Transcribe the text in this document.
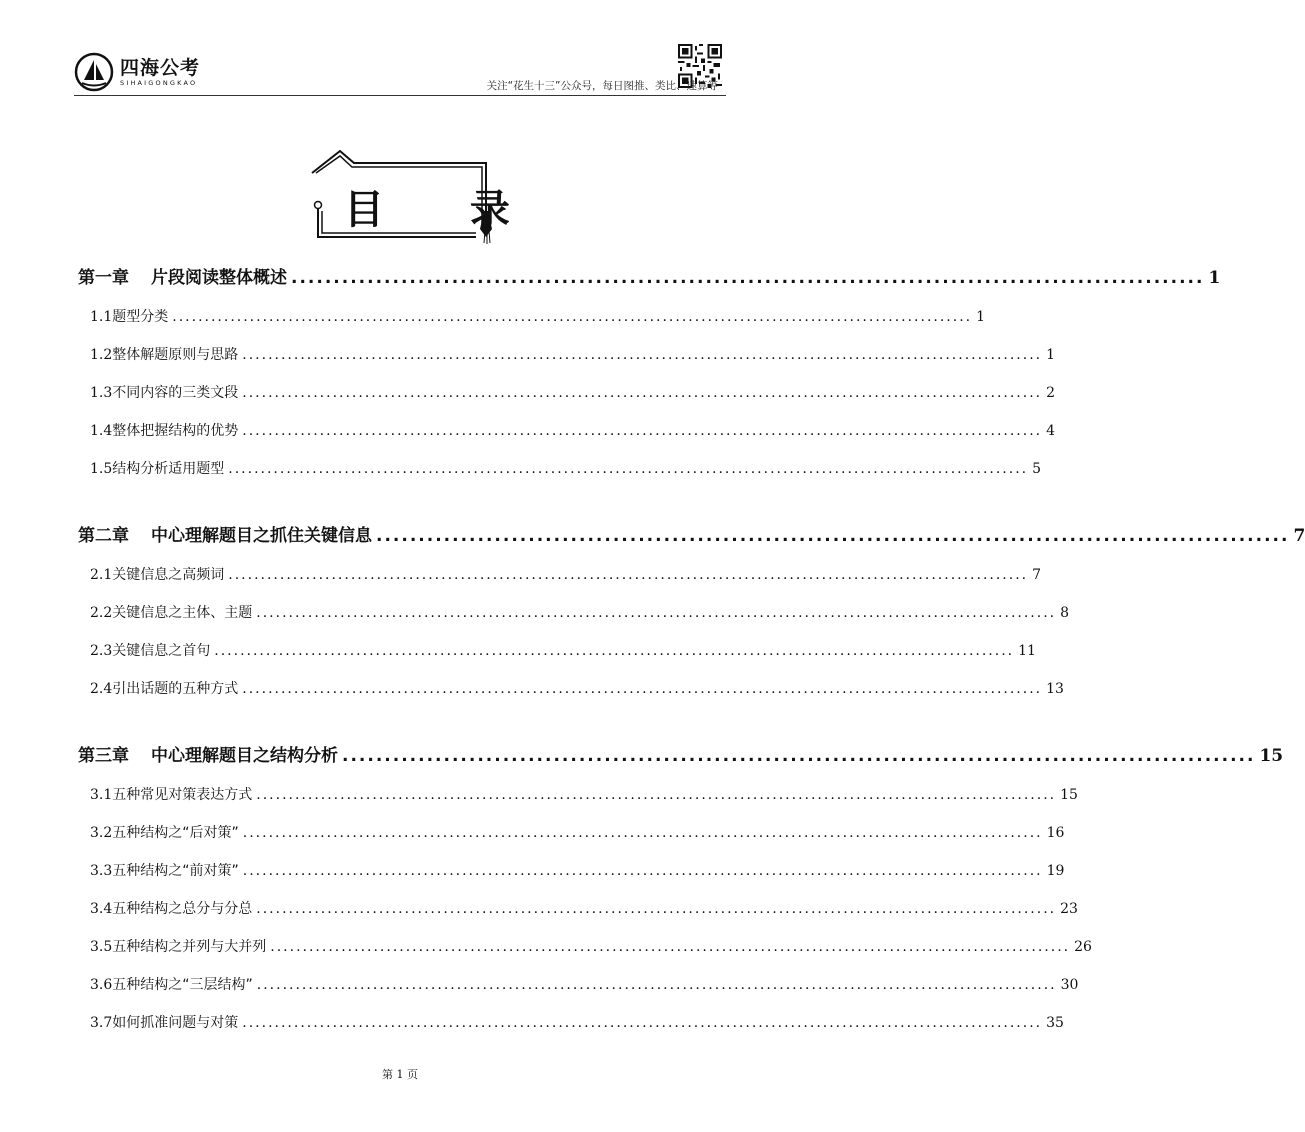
四海公考
SIHAIGONGKAO	关注“花生十三”公众号，每日图推、类比、速算等
目 录
第一章 片段阅读整体概述 ............................................................................................................ 1
1.1 题型分类 ............................................................................................................................ 1
1.2 整体解题原则与思路 ............................................................................................................................ 1
1.3 不同内容的三类文段 ............................................................................................................................ 2
1.4 整体把握结构的优势 ............................................................................................................................ 4
1.5 结构分析适用题型 ............................................................................................................................ 5
第二章 中心理解题目之抓住关键信息 ............................................................................................................ 7
2.1 关键信息之高频词 ............................................................................................................................ 7
2.2 关键信息之主体、主题 ............................................................................................................................ 8
2.3 关键信息之首句 ............................................................................................................................ 11
2.4 引出话题的五种方式 ............................................................................................................................ 13
第三章 中心理解题目之结构分析 ............................................................................................................ 15
3.1 五种常见对策表达方式 ............................................................................................................................ 15
3.2 五种结构之“后对策” ............................................................................................................................ 16
3.3 五种结构之“前对策” ............................................................................................................................ 19
3.4 五种结构之总分与分总 ............................................................................................................................ 23
3.5 五种结构之并列与大并列 ............................................................................................................................ 26
3.6 五种结构之“三层结构” ............................................................................................................................ 30
3.7 如何抓准问题与对策 ............................................................................................................................ 35
第 1 页
